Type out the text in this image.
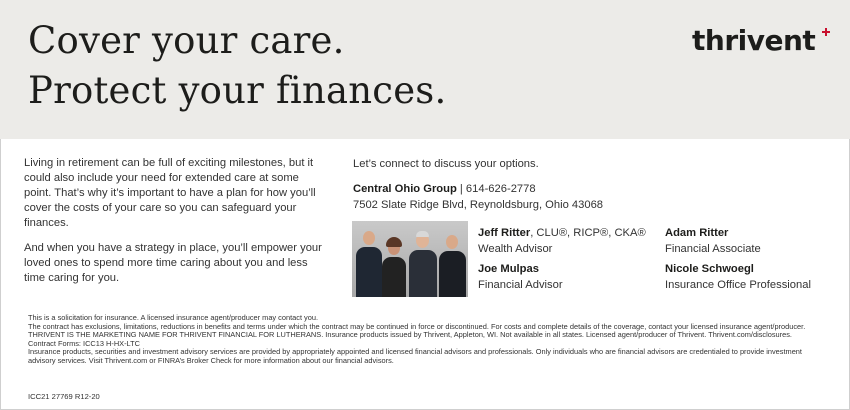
Cover your care.
Protect your finances.
thrivent

Living in retirement can be full of exciting milestones, but it could also include your need for extended care at some point. That’s why it’s important to have a plan for how you’ll cover the costs of your care so you can safeguard your finances.

And when you have a strategy in place, you’ll empower your loved ones to spend more time caring about you and less time caring for you.

Let’s connect to discuss your options.
Central Ohio Group | 614-626-2778
7502 Slate Ridge Blvd, Reynoldsburg, Ohio 43068
Jeff Ritter, CLU®, RICP®, CKA®
Wealth Advisor
Adam Ritter
Financial Associate
Joe Mulpas
Financial Advisor
Nicole Schwoegl
Insurance Office Professional
This is a solicitation for insurance. A licensed insurance agent/producer may contact you.
The contract has exclusions, limitations, reductions in benefits and terms under which the contract may be continued in force or discontinued. For costs and complete details of the coverage, contact your licensed insurance agent/producer.
THRIVENT IS THE MARKETING NAME FOR THRIVENT FINANCIAL FOR LUTHERANS. Insurance products issued by Thrivent, Appleton, WI. Not available in all states. Licensed agent/producer of Thrivent. Thrivent.com/disclosures.
Contract Forms: ICC13 H-HX-LTC
Insurance products, securities and investment advisory services are provided by appropriately appointed and licensed financial advisors and professionals. Only individuals who are financial advisors are credentialed to provide investment advisory services. Visit Thrivent.com or FINRA’s Broker Check for more information about our financial advisors.
ICC21 27769 R12-20
